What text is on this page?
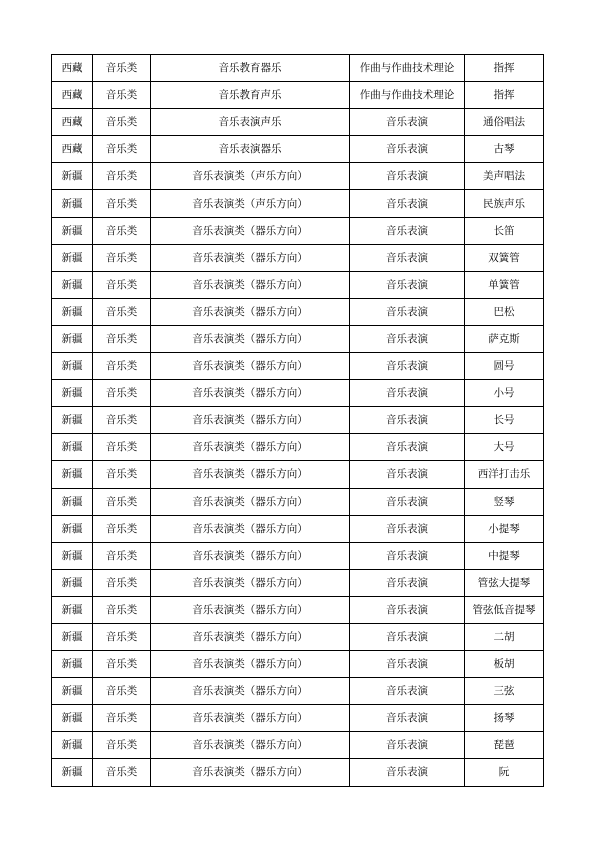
西藏	音乐类	音乐教育器乐	作曲与作曲技术理论	指挥
西藏	音乐类	音乐教育声乐	作曲与作曲技术理论	指挥
西藏	音乐类	音乐表演声乐	音乐表演	通俗唱法
西藏	音乐类	音乐表演器乐	音乐表演	古琴
新疆	音乐类	音乐表演类（声乐方向）	音乐表演	美声唱法
新疆	音乐类	音乐表演类（声乐方向）	音乐表演	民族声乐
新疆	音乐类	音乐表演类（器乐方向）	音乐表演	长笛
新疆	音乐类	音乐表演类（器乐方向）	音乐表演	双簧管
新疆	音乐类	音乐表演类（器乐方向）	音乐表演	单簧管
新疆	音乐类	音乐表演类（器乐方向）	音乐表演	巴松
新疆	音乐类	音乐表演类（器乐方向）	音乐表演	萨克斯
新疆	音乐类	音乐表演类（器乐方向）	音乐表演	圆号
新疆	音乐类	音乐表演类（器乐方向）	音乐表演	小号
新疆	音乐类	音乐表演类（器乐方向）	音乐表演	长号
新疆	音乐类	音乐表演类（器乐方向）	音乐表演	大号
新疆	音乐类	音乐表演类（器乐方向）	音乐表演	西洋打击乐
新疆	音乐类	音乐表演类（器乐方向）	音乐表演	竖琴
新疆	音乐类	音乐表演类（器乐方向）	音乐表演	小提琴
新疆	音乐类	音乐表演类（器乐方向）	音乐表演	中提琴
新疆	音乐类	音乐表演类（器乐方向）	音乐表演	管弦大提琴
新疆	音乐类	音乐表演类（器乐方向）	音乐表演	管弦低音提琴
新疆	音乐类	音乐表演类（器乐方向）	音乐表演	二胡
新疆	音乐类	音乐表演类（器乐方向）	音乐表演	板胡
新疆	音乐类	音乐表演类（器乐方向）	音乐表演	三弦
新疆	音乐类	音乐表演类（器乐方向）	音乐表演	扬琴
新疆	音乐类	音乐表演类（器乐方向）	音乐表演	琵琶
新疆	音乐类	音乐表演类（器乐方向）	音乐表演	阮
